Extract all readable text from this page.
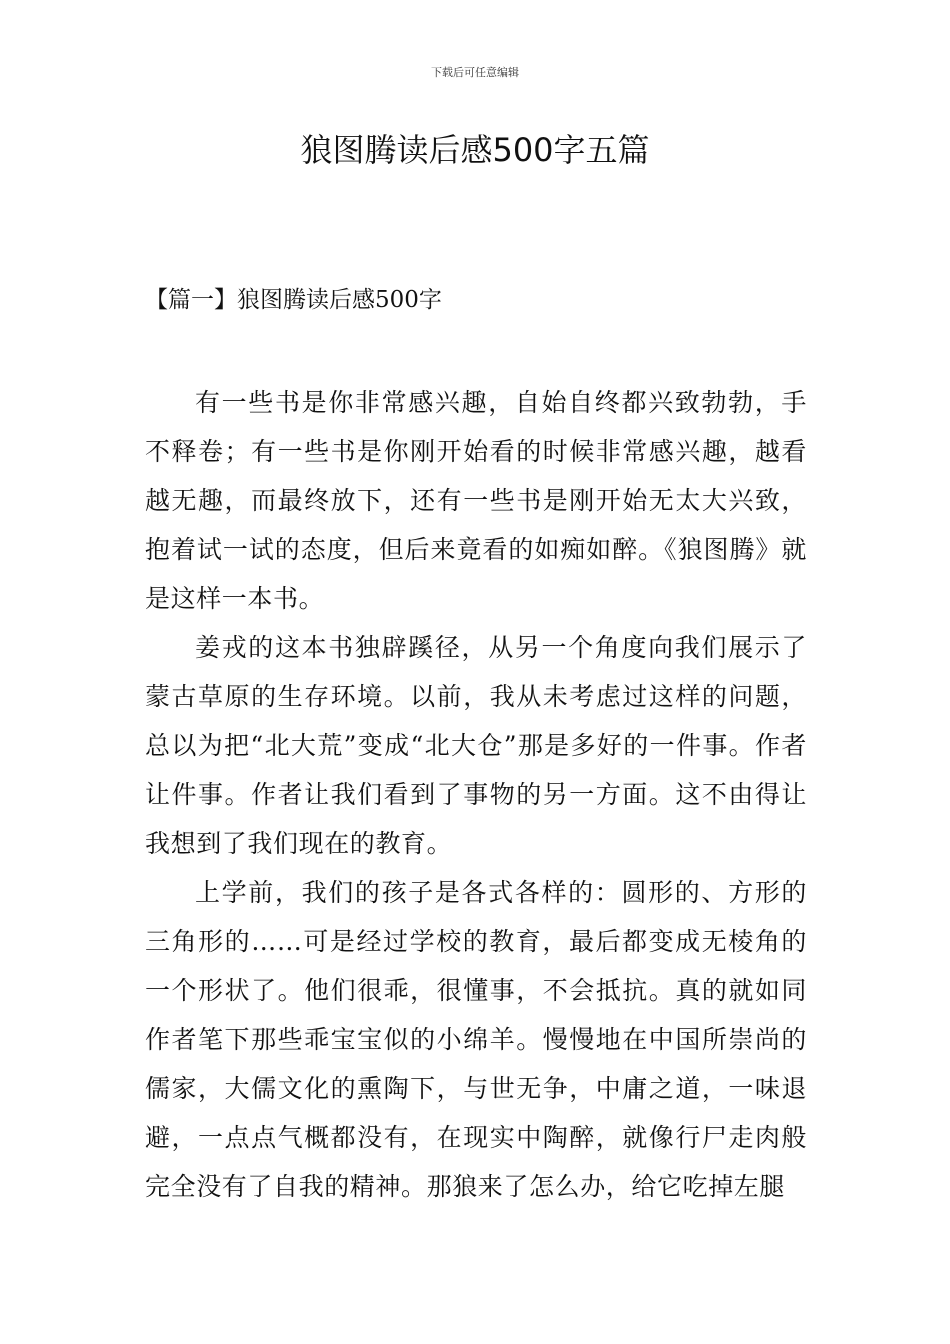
下载后可任意编辑
狼图腾读后感500字五篇
【篇一】狼图腾读后感500字

有一些书是你非常感兴趣，自始自终都兴致勃勃，手不释卷；有一些书是你刚开始看的时候非常感兴趣，越看越无趣，而最终放下，还有一些书是刚开始无太大兴致，抱着试一试的态度，但后来竟看的如痴如醉。《狼图腾》就是这样一本书。

姜戎的这本书独辟蹊径，从另一个角度向我们展示了蒙古草原的生存环境。以前，我从未考虑过这样的问题，总以为把“北大荒”变成“北大仓”那是多好的一件事。作者让件事。作者让我们看到了事物的另一方面。这不由得让我想到了我们现在的教育。

上学前，我们的孩子是各式各样的：圆形的、方形的三角形的……可是经过学校的教育，最后都变成无棱角的一个形状了。他们很乖，很懂事，不会抵抗。真的就如同作者笔下那些乖宝宝似的小绵羊。慢慢地在中国所崇尚的儒家，大儒文化的熏陶下，与世无争，中庸之道，一味退避，一点点气概都没有，在现实中陶醉，就像行尸走肉般完全没有了自我的精神。那狼来了怎么办，给它吃掉左腿
